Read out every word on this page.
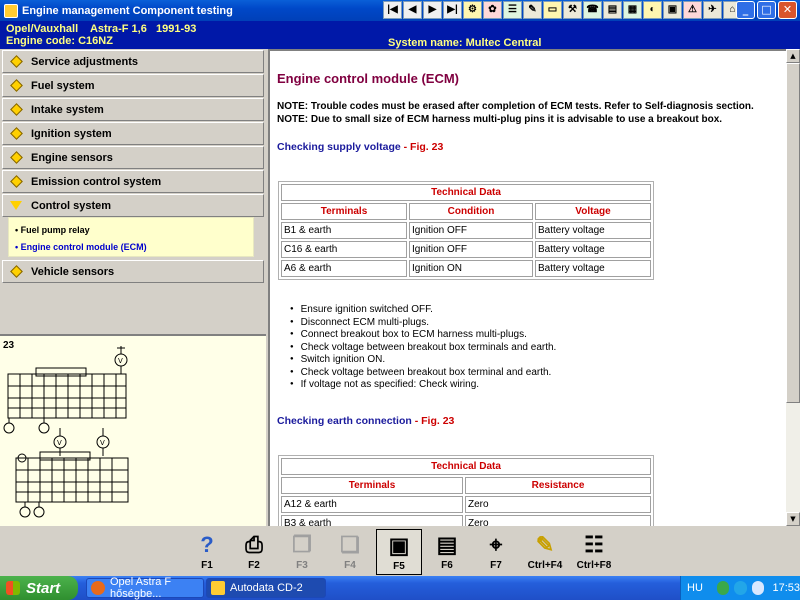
Engine management Component testing	|◀	◀	▶	▶|	⚙	✿	☰	✎	▭	⚒ ☎ ▤	▦	◐	▣	⚠	✈	⌂ _	□	✕
Opel/Vauxhall    Astra-F 1,6   1991-93
Engine code: C16NZ	System name: Multec Central
Service adjustments
Fuel system
Intake system
Ignition system
Engine sensors
Emission control system
Control system
• Fuel pump relay
• Engine control module (ECM)
Vehicle sensors
23
V
V	V
Engine control module (ECM)
NOTE: Trouble codes must be erased after completion of ECM tests. Refer to Self-diagnosis section.
NOTE: Due to small size of ECM harness multi-plug pins it is advisable to use a breakout box.
Checking supply voltage - Fig. 23
Technical Data		
Terminals	Condition	Voltage
B1 & earth	Ignition OFF	Battery voltage
C16 & earth	Ignition OFF	Battery voltage
A6 & earth	Ignition ON	Battery voltage
● Ensure ignition switched OFF.
● Disconnect ECM multi-plugs.
● Connect breakout box to ECM harness multi-plugs.
● Check voltage between breakout box terminals and earth.
● Switch ignition ON.
● Check voltage between breakout box terminal and earth.
● If voltage not as specified: Check wiring.
Checking earth connection - Fig. 23
Technical Data	
Terminals	Resistance
A12 & earth	Zero
B3 & earth	Zero
▲
▼
?
F1
⎙
F2
❐
F3
❏
F4
▣
F5
▤
F6
⌖
F7
✎
Ctrl+F4
☷
Ctrl+F8
Start	Opel Astra F hőségbe...	Autodata CD-2	HU	17:53
